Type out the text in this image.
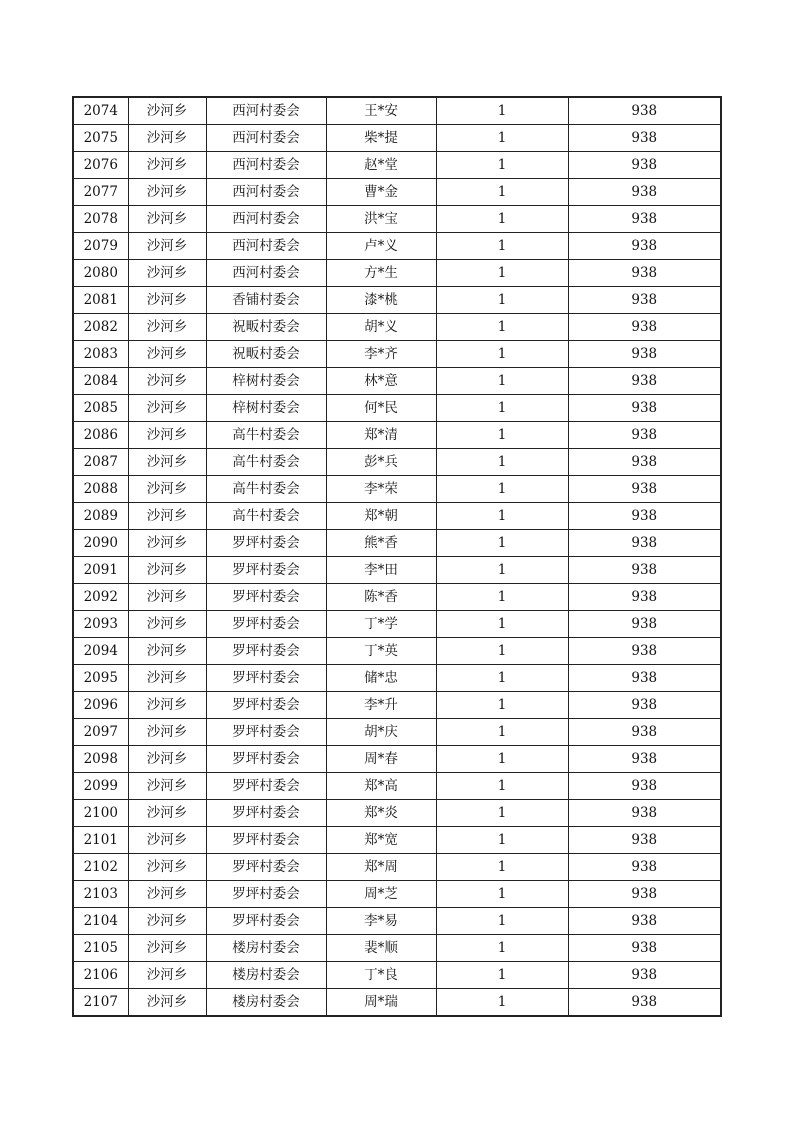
2074	沙河乡	西河村委会	王*安	1	938
2075	沙河乡	西河村委会	柴*提	1	938
2076	沙河乡	西河村委会	赵*堂	1	938
2077	沙河乡	西河村委会	曹*金	1	938
2078	沙河乡	西河村委会	洪*宝	1	938
2079	沙河乡	西河村委会	卢*义	1	938
2080	沙河乡	西河村委会	方*生	1	938
2081	沙河乡	香铺村委会	漆*桃	1	938
2082	沙河乡	祝畈村委会	胡*义	1	938
2083	沙河乡	祝畈村委会	李*齐	1	938
2084	沙河乡	梓树村委会	林*意	1	938
2085	沙河乡	梓树村委会	何*民	1	938
2086	沙河乡	高牛村委会	郑*清	1	938
2087	沙河乡	高牛村委会	彭*兵	1	938
2088	沙河乡	高牛村委会	李*荣	1	938
2089	沙河乡	高牛村委会	郑*朝	1	938
2090	沙河乡	罗坪村委会	熊*香	1	938
2091	沙河乡	罗坪村委会	李*田	1	938
2092	沙河乡	罗坪村委会	陈*香	1	938
2093	沙河乡	罗坪村委会	丁*学	1	938
2094	沙河乡	罗坪村委会	丁*英	1	938
2095	沙河乡	罗坪村委会	储*忠	1	938
2096	沙河乡	罗坪村委会	李*升	1	938
2097	沙河乡	罗坪村委会	胡*庆	1	938
2098	沙河乡	罗坪村委会	周*春	1	938
2099	沙河乡	罗坪村委会	郑*高	1	938
2100	沙河乡	罗坪村委会	郑*炎	1	938
2101	沙河乡	罗坪村委会	郑*宽	1	938
2102	沙河乡	罗坪村委会	郑*周	1	938
2103	沙河乡	罗坪村委会	周*芝	1	938
2104	沙河乡	罗坪村委会	李*易	1	938
2105	沙河乡	楼房村委会	裴*顺	1	938
2106	沙河乡	楼房村委会	丁*良	1	938
2107	沙河乡	楼房村委会	周*瑞	1	938
